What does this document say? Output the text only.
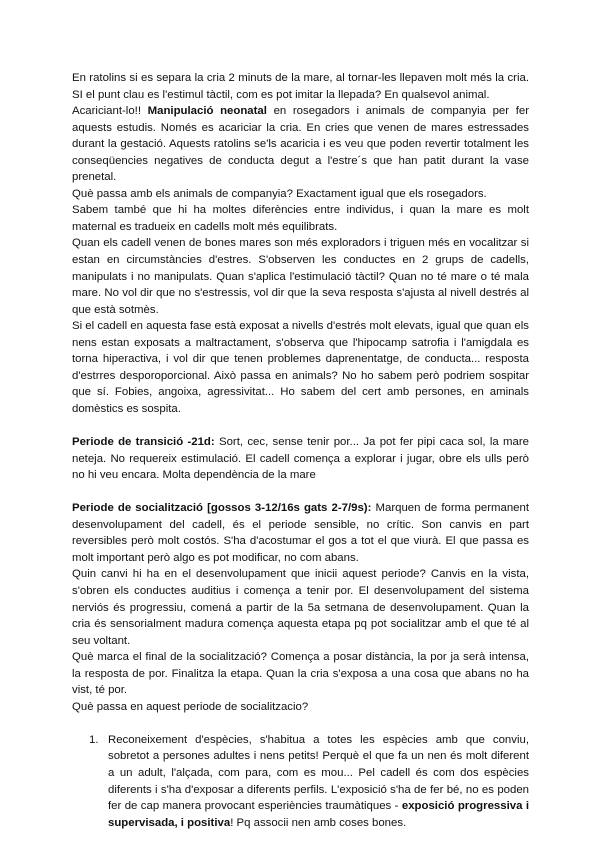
En ratolins si es separa la cria 2 minuts de la mare, al tornar-les llepaven molt més la cria. SI el punt clau es l'estimul tàctil, com es pot imitar la llepada? En qualsevol animal.

Acariciant-lo!! Manipulació neonatal en rosegadors i animals de companyia per fer aquests estudis. Només es acariciar la cria. En cries que venen de mares estressades durant la gestació. Aquests ratolins se'ls acaricia i es veu que poden revertir totalment les conseqüencies negatives de conducta degut a l'estre´s que han patit durant la vase prenetal.

Què passa amb els animals de companyia? Exactament igual que els rosegadors.

Sabem també que hi ha moltes diferències entre individus, i quan la mare es molt maternal es tradueix en cadells molt més equilibrats.

Quan els cadell venen de bones mares son més exploradors i triguen més en vocalitzar si estan en circumstàncies d'estres. S'observen les conductes en 2 grups de cadells, manipulats i no manipulats. Quan s'aplica l'estimulació tàctil? Quan no té mare o té mala mare. No vol dir que no s'estressis, vol dir que la seva resposta s'ajusta al nivell destrés al que està sotmès.

Si el cadell en aquesta fase està exposat a nivells d'estrés molt elevats, igual que quan els nens estan exposats a maltractament, s'observa que l'hipocamp satrofia i l'amigdala es torna hiperactiva, i vol dir que tenen problemes daprenentatge, de conducta... resposta d'estrres desporoporcional. Això passa en animals? No ho sabem però podriem sospitar que sí. Fobies, angoixa, agressivitat... Ho sabem del cert amb persones, en aminals domèstics es sospita.

Periode de transició -21d: Sort, cec, sense tenir por... Ja pot fer pipi caca sol, la mare neteja. No requereix estimulació. El cadell comença a explorar i jugar, obre els ulls però no hi veu encara. Molta dependència de la mare

Periode de socialització [gossos 3-12/16s gats 2-7/9s): Marquen de forma permanent desenvolupament del cadell, és el periode sensible, no crític. Son canvis en part reversibles però molt costós. S'ha d'acostumar el gos a tot el que viurà. El que passa es molt important però algo es pot modificar, no com abans.

Quin canvi hi ha en el desenvolupament que inicii aquest periode? Canvis en la vista, s'obren els conductes auditius i comença a tenir por. El desenvolupament del sistema nerviós és progressiu, comená a partir de la 5a setmana de desenvolupament. Quan la cria és sensorialment madura comença aquesta etapa pq pot socialitzar amb el que té al seu voltant.

Què marca el final de la socialització? Comença a posar distància, la por ja serà intensa, la resposta de por. Finalitza la etapa. Quan la cria s'exposa a una cosa que abans no ha vist, té por.

Què passa en aquest periode de socialitzacio?

1. Reconeixement d'espècies, s'habitua a totes les espècies amb que conviu, sobretot a persones adultes i nens petits! Perquè el que fa un nen és molt diferent a un adult, l'alçada, com para, com es mou... Pel cadell és com dos espècies diferents i s'ha d'exposar a diferents perfils. L'exposició s'ha de fer bé, no es poden fer de cap manera provocant esperiències traumàtiques - exposició progressiva i supervisada, i positiva! Pq associi nen amb coses bones.
